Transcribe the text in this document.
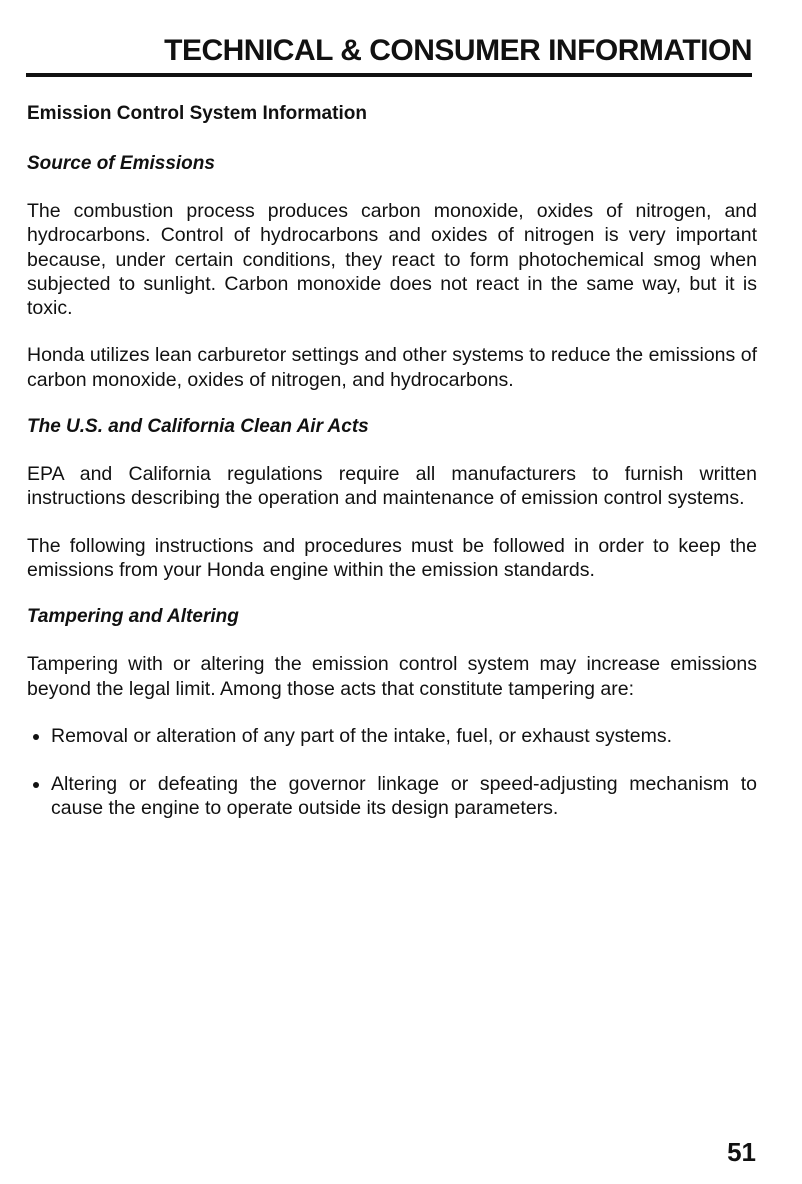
TECHNICAL & CONSUMER INFORMATION
Emission Control System Information
Source of Emissions

The combustion process produces carbon monoxide, oxides of nitrogen, and hydrocarbons. Control of hydrocarbons and oxides of nitrogen is very important because, under certain conditions, they react to form photochemical smog when subjected to sunlight. Carbon monoxide does not react in the same way, but it is toxic.

Honda utilizes lean carburetor settings and other systems to reduce the emissions of carbon monoxide, oxides of nitrogen, and hydrocarbons.

The U.S. and California Clean Air Acts

EPA and California regulations require all manufacturers to furnish written instructions describing the operation and maintenance of emission control systems.

The following instructions and procedures must be followed in order to keep the emissions from your Honda engine within the emission standards.

Tampering and Altering

Tampering with or altering the emission control system may increase emissions beyond the legal limit. Among those acts that constitute tampering are:

Removal or alteration of any part of the intake, fuel, or exhaust systems.
Altering or defeating the governor linkage or speed-adjusting mechanism to cause the engine to operate outside its design parameters.
51
